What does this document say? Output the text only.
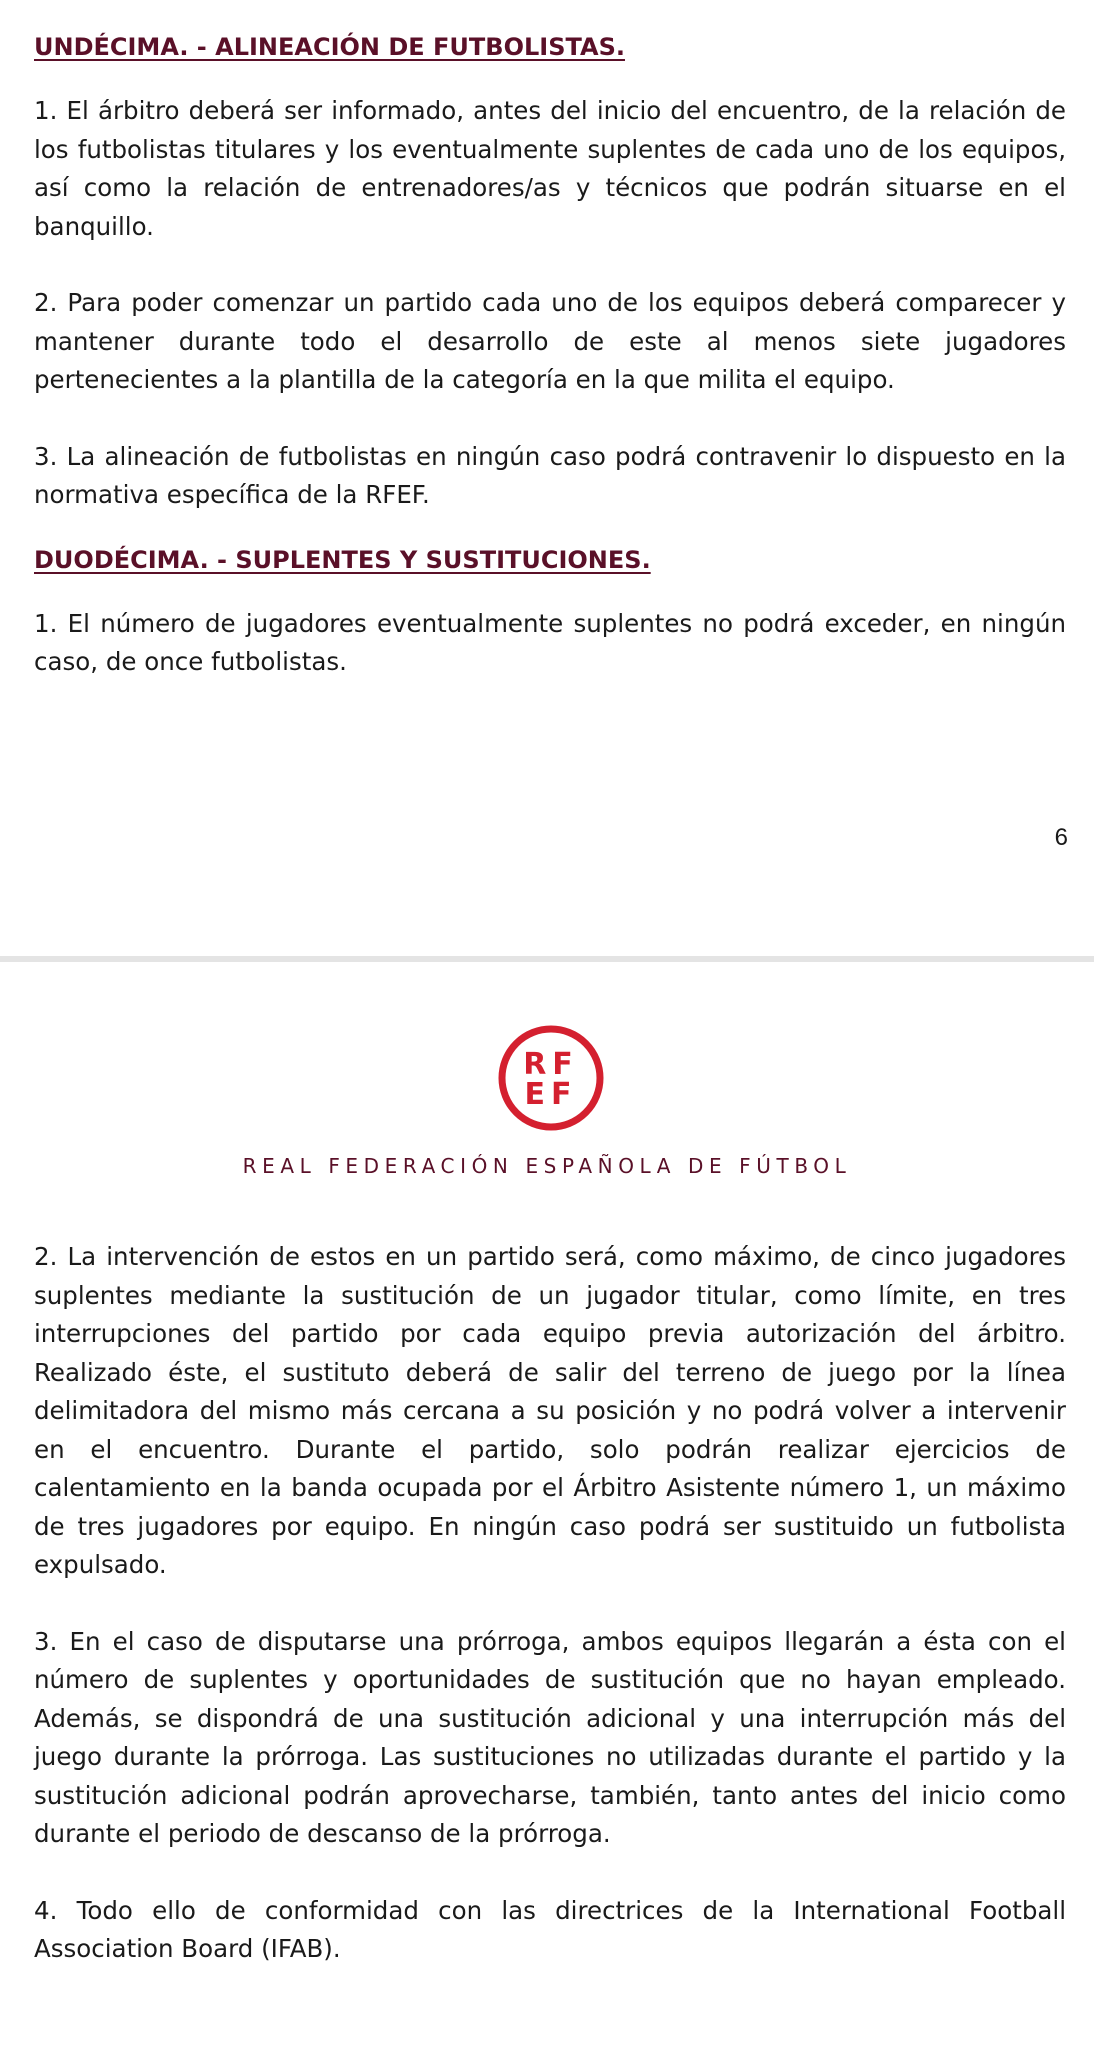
UNDÉCIMA. - ALINEACIÓN DE FUTBOLISTAS.

1. El árbitro deberá ser informado, antes del inicio del encuentro, de la relación de los futbolistas titulares y los eventualmente suplentes de cada uno de los equipos, así como la relación de entrenadores/as y técnicos que podrán situarse en el banquillo.

2. Para poder comenzar un partido cada uno de los equipos deberá comparecer y mantener durante todo el desarrollo de este al menos siete jugadores pertenecientes a la plantilla de la categoría en la que milita el equipo.

3. La alineación de futbolistas en ningún caso podrá contravenir lo dispuesto en la normativa específica de la RFEF.

DUODÉCIMA. - SUPLENTES Y SUSTITUCIONES.

1. El número de jugadores eventualmente suplentes no podrá exceder, en ningún caso, de once futbolistas.

6
RF
EF
REAL FEDERACIÓN ESPAÑOLA DE FÚTBOL

2. La intervención de estos en un partido será, como máximo, de cinco jugadores suplentes mediante la sustitución de un jugador titular, como límite, en tres interrupciones del partido por cada equipo previa autorización del árbitro. Realizado éste, el sustituto deberá de salir del terreno de juego por la línea delimitadora del mismo más cercana a su posición y no podrá volver a intervenir en el encuentro. Durante el partido, solo podrán realizar ejercicios de calentamiento en la banda ocupada por el Árbitro Asistente número 1, un máximo de tres jugadores por equipo. En ningún caso podrá ser sustituido un futbolista expulsado.

3. En el caso de disputarse una prórroga, ambos equipos llegarán a ésta con el número de suplentes y oportunidades de sustitución que no hayan empleado. Además, se dispondrá de una sustitución adicional y una interrupción más del juego durante la prórroga. Las sustituciones no utilizadas durante el partido y la sustitución adicional podrán aprovecharse, también, tanto antes del inicio como durante el periodo de descanso de la prórroga.

4. Todo ello de conformidad con las directrices de la International Football Association Board (IFAB).
